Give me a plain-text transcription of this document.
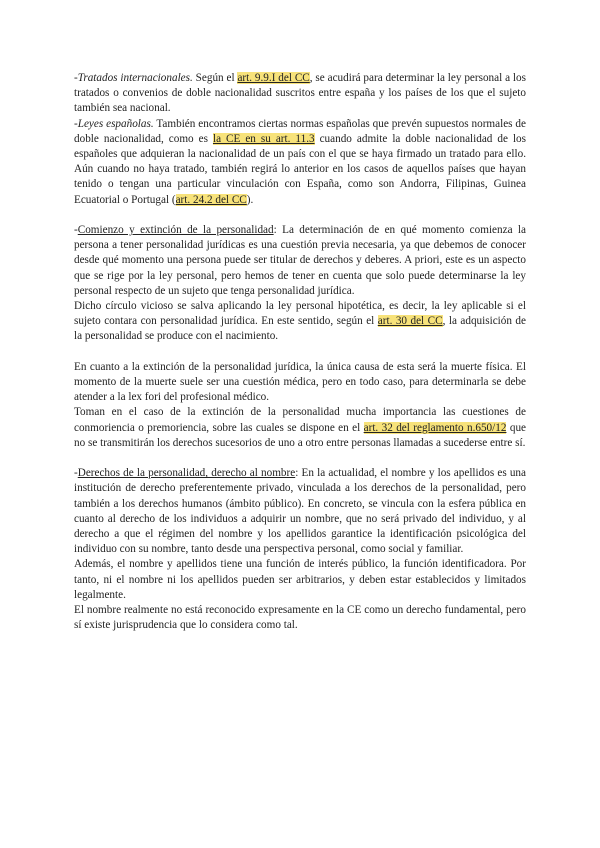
-Tratados internacionales. Según el art. 9.9.I del CC, se acudirá para determinar la ley personal a los tratados o convenios de doble nacionalidad suscritos entre españa y los países de los que el sujeto también sea nacional.

-Leyes españolas. También encontramos ciertas normas españolas que prevén supuestos normales de doble nacionalidad, como es la CE en su art. 11.3 cuando admite la doble nacionalidad de los españoles que adquieran la nacionalidad de un país con el que se haya firmado un tratado para ello. Aún cuando no haya tratado, también regirá lo anterior en los casos de aquellos países que hayan tenido o tengan una particular vinculación con España, como son Andorra, Filipinas, Guinea Ecuatorial o Portugal (art. 24.2 del CC).

-Comienzo y extinción de la personalidad: La determinación de en qué momento comienza la persona a tener personalidad jurídicas es una cuestión previa necesaria, ya que debemos de conocer desde qué momento una persona puede ser titular de derechos y deberes. A priori, este es un aspecto que se rige por la ley personal, pero hemos de tener en cuenta que solo puede determinarse la ley personal respecto de un sujeto que tenga personalidad jurídica.

Dicho círculo vicioso se salva aplicando la ley personal hipotética, es decir, la ley aplicable si el sujeto contara con personalidad jurídica. En este sentido, según el art. 30 del CC, la adquisición de la personalidad se produce con el nacimiento.

En cuanto a la extinción de la personalidad jurídica, la única causa de esta será la muerte física. El momento de la muerte suele ser una cuestión médica, pero en todo caso, para determinarla se debe atender a la lex fori del profesional médico.

Toman en el caso de la extinción de la personalidad mucha importancia las cuestiones de conmoriencia o premoriencia, sobre las cuales se dispone en el art. 32 del reglamento n.650/12 que no se transmitirán los derechos sucesorios de uno a otro entre personas llamadas a sucederse entre sí.

-Derechos de la personalidad, derecho al nombre: En la actualidad, el nombre y los apellidos es una institución de derecho preferentemente privado, vinculada a los derechos de la personalidad, pero también a los derechos humanos (ámbito público). En concreto, se vincula con la esfera pública en cuanto al derecho de los individuos a adquirir un nombre, que no será privado del individuo, y al derecho a que el régimen del nombre y los apellidos garantice la identificación psicológica del individuo con su nombre, tanto desde una perspectiva personal, como social y familiar.

Además, el nombre y apellidos tiene una función de interés público, la función identificadora. Por tanto, ni el nombre ni los apellidos pueden ser arbitrarios, y deben estar establecidos y limitados legalmente.

El nombre realmente no está reconocido expresamente en la CE como un derecho fundamental, pero sí existe jurisprudencia que lo considera como tal.
